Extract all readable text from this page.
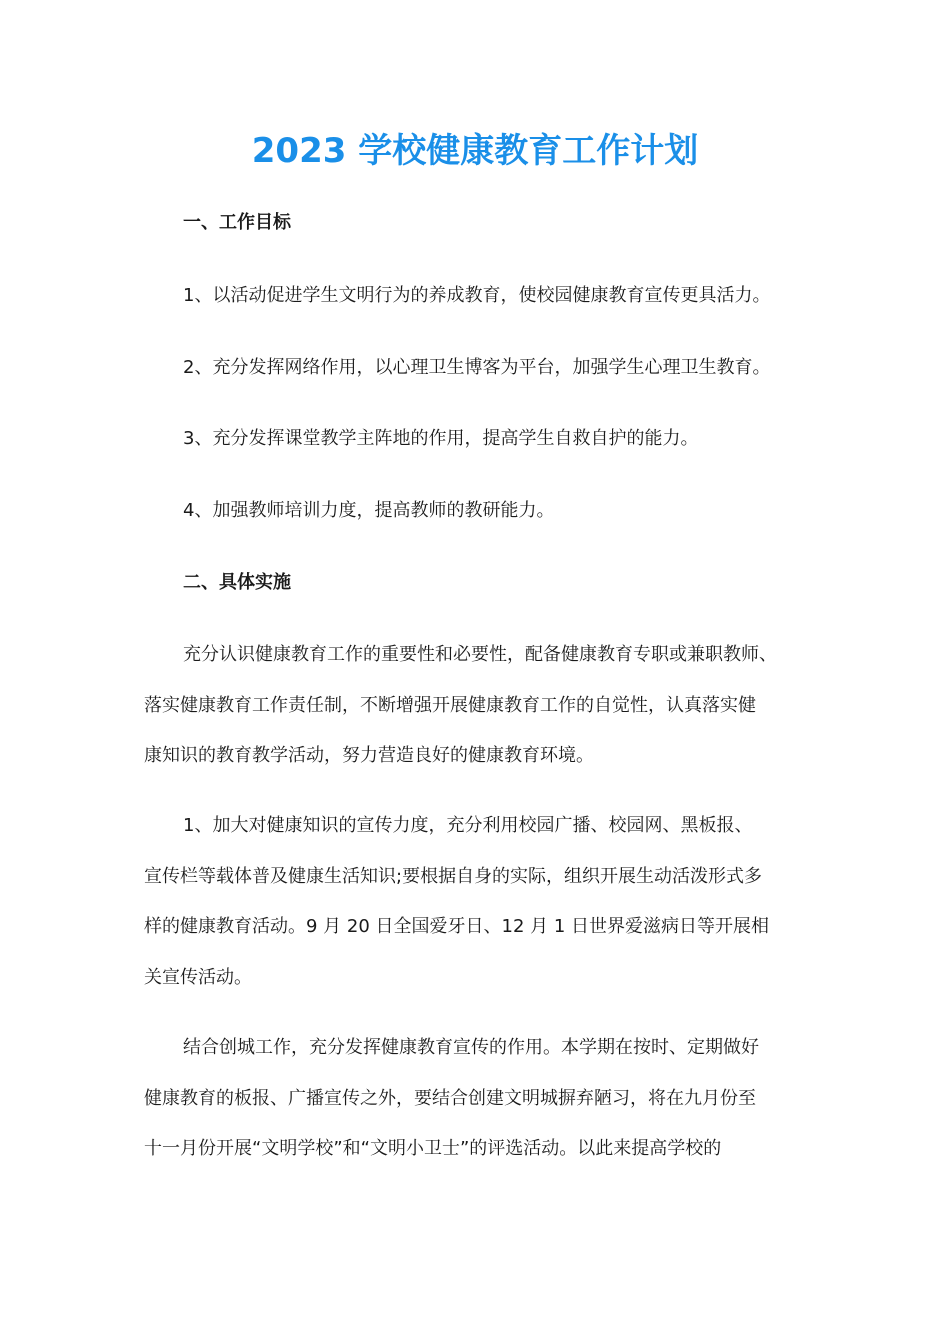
2023 学校健康教育工作计划
一、工作目标
1、以活动促进学生文明行为的养成教育，使校园健康教育宣传更具活力。
2、充分发挥网络作用，以心理卫生博客为平台，加强学生心理卫生教育。
3、充分发挥课堂教学主阵地的作用，提高学生自救自护的能力。
4、加强教师培训力度，提高教师的教研能力。
二、具体实施
充分认识健康教育工作的重要性和必要性，配备健康教育专职或兼职教师、
落实健康教育工作责任制，不断增强开展健康教育工作的自觉性，认真落实健
康知识的教育教学活动，努力营造良好的健康教育环境。
1、加大对健康知识的宣传力度，充分利用校园广播、校园网、黑板报、
宣传栏等载体普及健康生活知识;要根据自身的实际，组织开展生动活泼形式多
样的健康教育活动。9 月 20 日全国爱牙日、12 月 1 日世界爱滋病日等开展相
关宣传活动。
结合创城工作，充分发挥健康教育宣传的作用。本学期在按时、定期做好
健康教育的板报、广播宣传之外，要结合创建文明城摒弃陋习，将在九月份至
十一月份开展“文明学校”和“文明小卫士”的评选活动。以此来提高学校的
